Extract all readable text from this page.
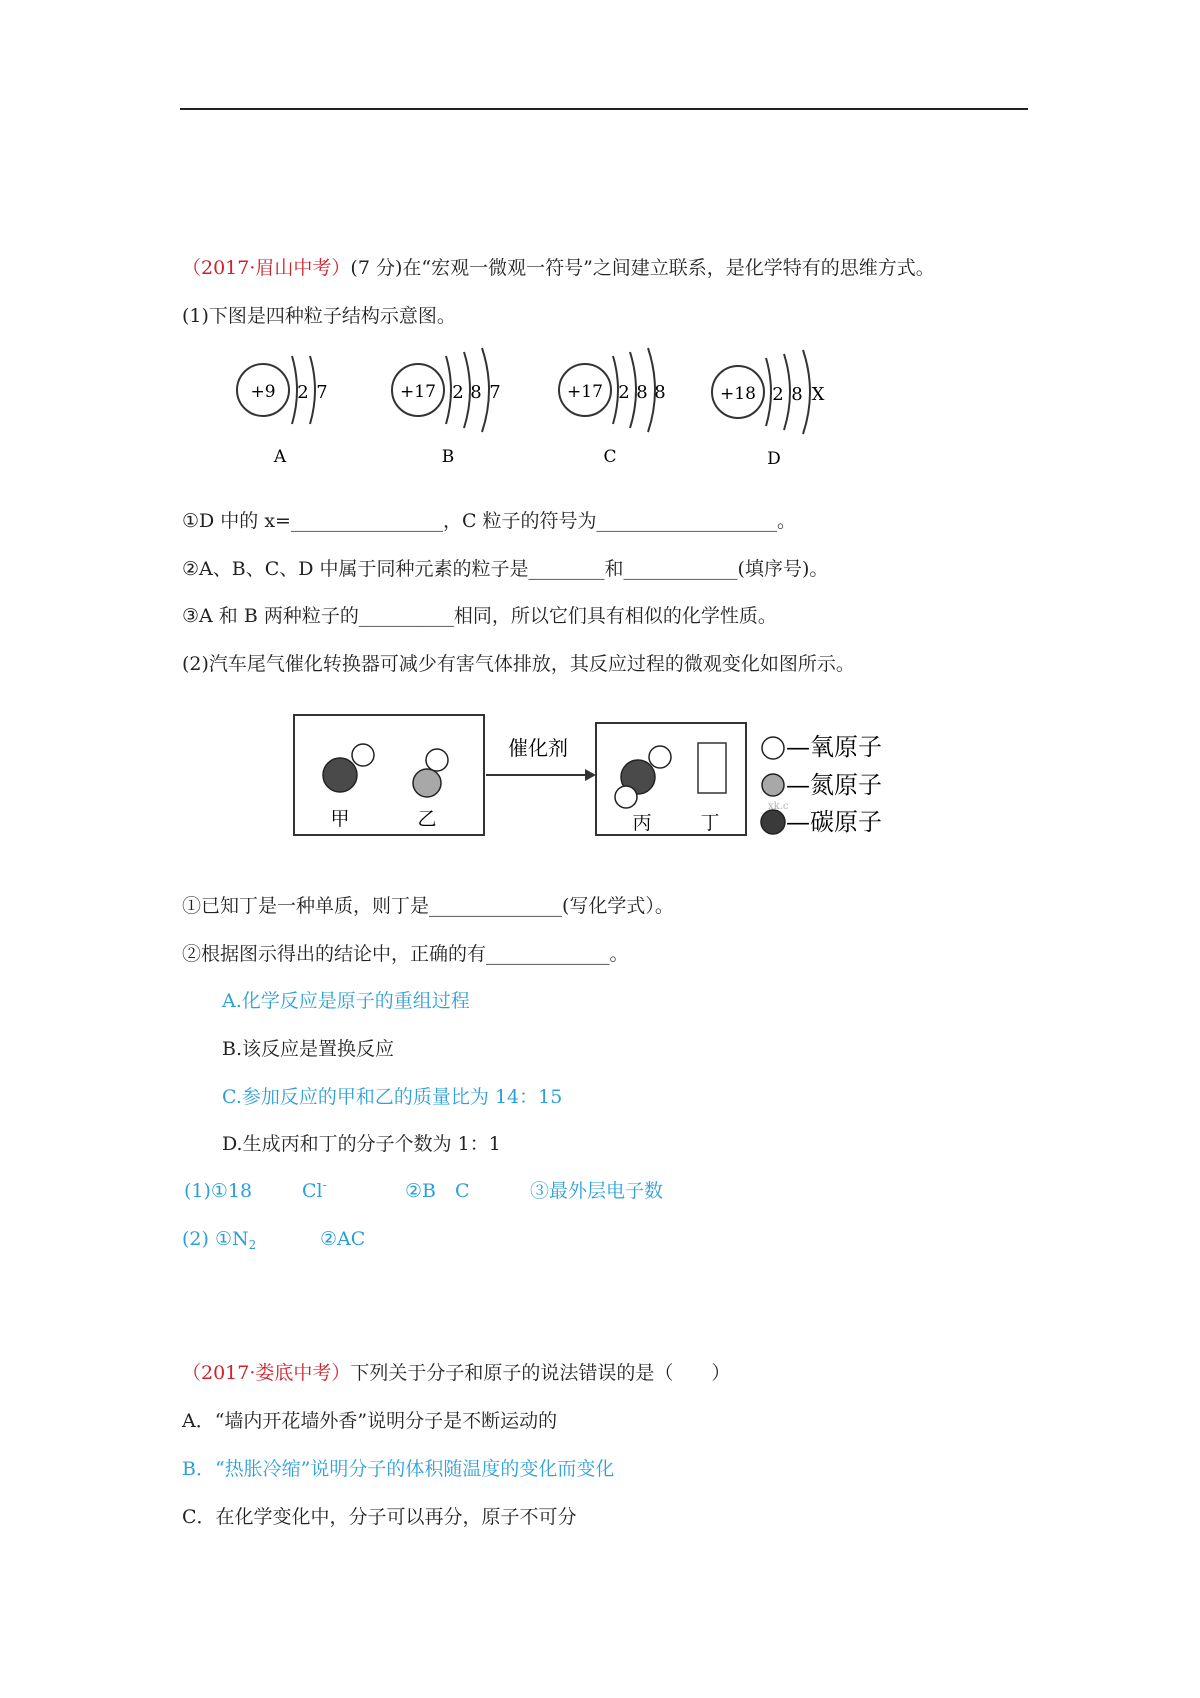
（2017·眉山中考）(7 分)在“宏观一微观一符号”之间建立联系，是化学特有的思维方式。
(1)下图是四种粒子结构示意图。
+9 2 7
A
+17 2 8 7
B
+17 2 8 8
C
+18 2 8 X
D
①D 中的 x=________________，C 粒子的符号为___________________。
②A、B、C、D 中属于同种元素的粒子是________和____________(填序号)。
③A 和 B 两种粒子的__________相同，所以它们具有相似的化学性质。
(2)汽车尾气催化转换器可减少有害气体排放，其反应过程的微观变化如图所示。
甲	乙
催化剂
丙	丁
—氧原子
—氮原子
—碳原子
xk.c
①已知丁是一种单质，则丁是______________(写化学式）。
②根据图示得出的结论中，正确的有_____________。
A.化学反应是原子的重组过程
B.该反应是置换反应
C.参加反应的甲和乙的质量比为 14：15
D.生成丙和丁的分子个数为 1：1
(1)①18	Cl-	②B　C	③最外层电子数
(2) $①N_2$	②AC
（2017·娄底中考）下列关于分子和原子的说法错误的是（　　）
A．“墙内开花墙外香”说明分子是不断运动的
B．“热胀冷缩”说明分子的体积随温度的变化而变化
C．在化学变化中，分子可以再分，原子不可分
